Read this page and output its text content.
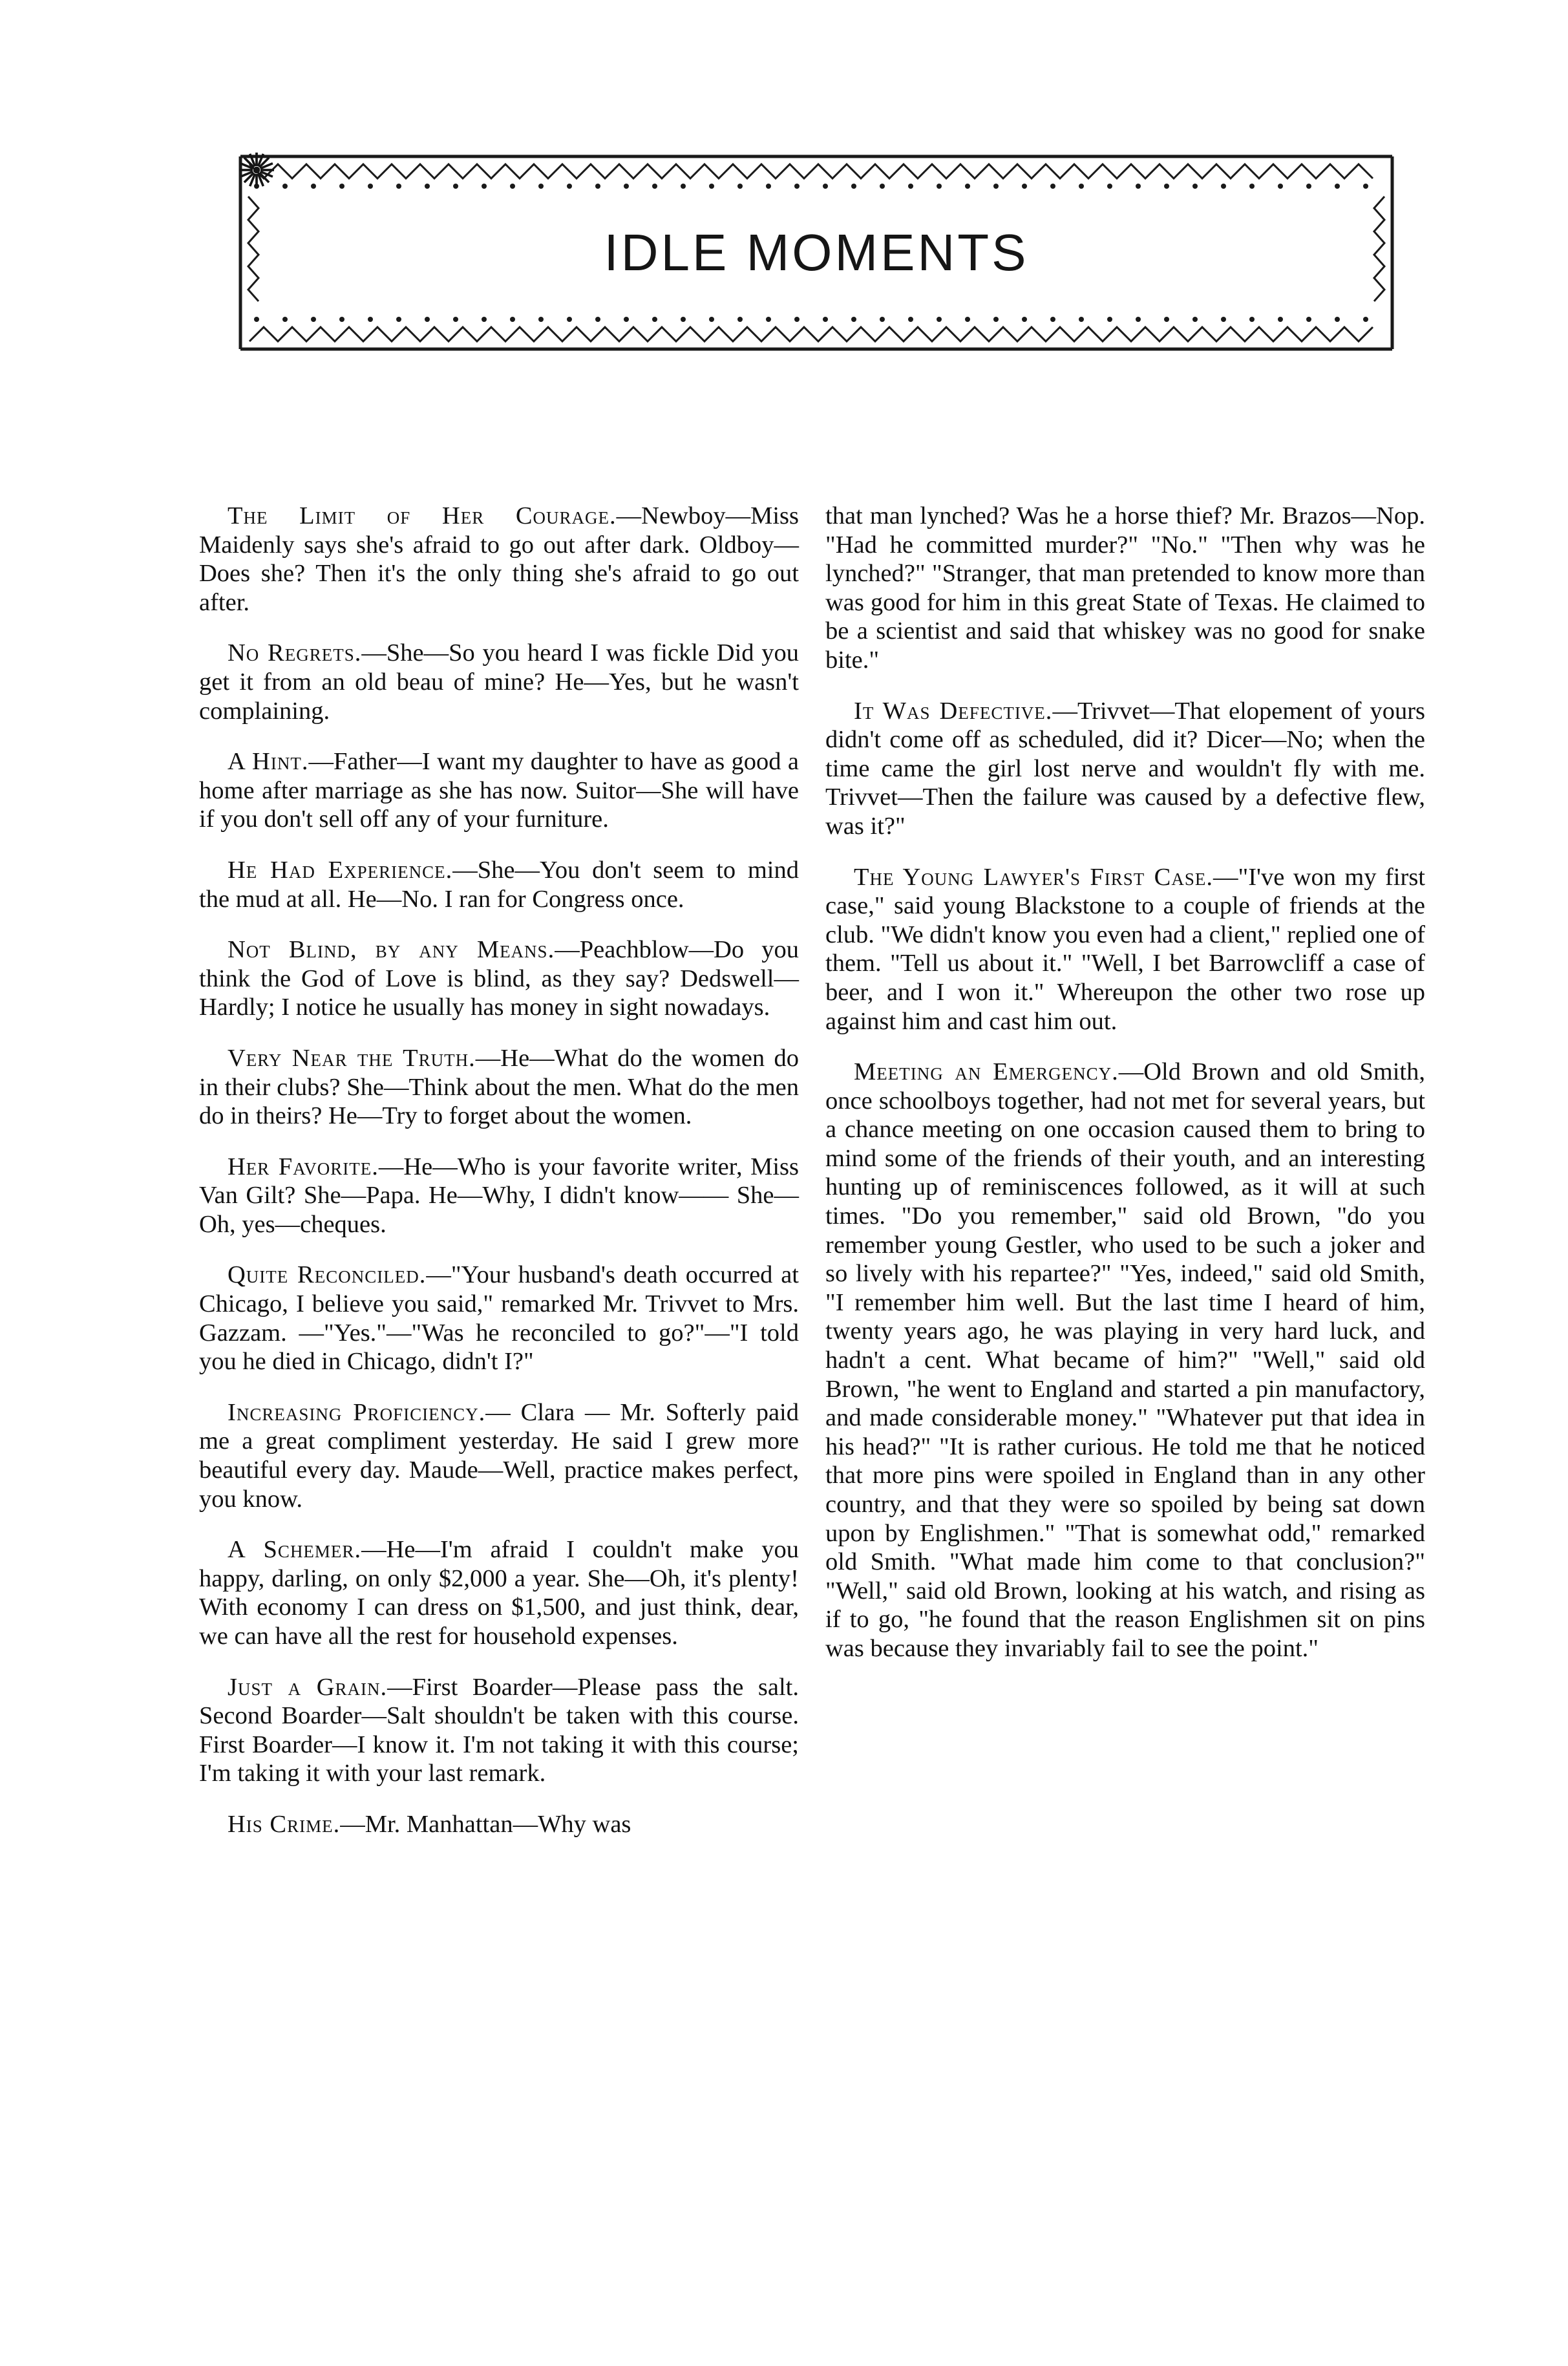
IDLE MOMENTS

The Limit of Her Courage.—Newboy—Miss Maidenly says she's afraid to go out after dark. Oldboy—Does she? Then it's the only thing she's afraid to go out after.

No Regrets.—She—So you heard I was fickle Did you get it from an old beau of mine? He—Yes, but he wasn't complaining.

A Hint.—Father—I want my daughter to have as good a home after marriage as she has now. Suitor—She will have if you don't sell off any of your furniture.

He Had Experience.—She—You don't seem to mind the mud at all. He—No. I ran for Congress once.

Not Blind, by any Means.—Peachblow—Do you think the God of Love is blind, as they say? Dedswell—Hardly; I notice he usually has money in sight nowadays.

Very Near the Truth.—He—What do the women do in their clubs? She—Think about the men. What do the men do in theirs? He—Try to forget about the women.

Her Favorite.—He—Who is your favorite writer, Miss Van Gilt? She—Papa. He—Why, I didn't know—— She—Oh, yes—cheques.

Quite Reconciled.—"Your husband's death occurred at Chicago, I believe you said," remarked Mr. Trivvet to Mrs. Gazzam. —"Yes."—"Was he reconciled to go?"—"I told you he died in Chicago, didn't I?"

Increasing Proficiency.— Clara — Mr. Softerly paid me a great compliment yesterday. He said I grew more beautiful every day. Maude—Well, practice makes perfect, you know.

A Schemer.—He—I'm afraid I couldn't make you happy, darling, on only $2,000 a year. She—Oh, it's plenty! With economy I can dress on $1,500, and just think, dear, we can have all the rest for household expenses.

Just a Grain.—First Boarder—Please pass the salt. Second Boarder—Salt shouldn't be taken with this course. First Boarder—I know it. I'm not taking it with this course; I'm taking it with your last remark.

His Crime.—Mr. Manhattan—Why was

that man lynched? Was he a horse thief? Mr. Brazos—Nop. "Had he committed murder?" "No." "Then why was he lynched?" "Stranger, that man pretended to know more than was good for him in this great State of Texas. He claimed to be a scientist and said that whiskey was no good for snake bite."

It Was Defective.—Trivvet—That elopement of yours didn't come off as scheduled, did it? Dicer—No; when the time came the girl lost nerve and wouldn't fly with me. Trivvet—Then the failure was caused by a defective flew, was it?"

The Young Lawyer's First Case.—"I've won my first case," said young Blackstone to a couple of friends at the club. "We didn't know you even had a client," replied one of them. "Tell us about it." "Well, I bet Barrowcliff a case of beer, and I won it." Whereupon the other two rose up against him and cast him out.

Meeting an Emergency.—Old Brown and old Smith, once schoolboys together, had not met for several years, but a chance meeting on one occasion caused them to bring to mind some of the friends of their youth, and an interesting hunting up of reminiscences followed, as it will at such times. "Do you remember," said old Brown, "do you remember young Gestler, who used to be such a joker and so lively with his repartee?" "Yes, indeed," said old Smith, "I remember him well. But the last time I heard of him, twenty years ago, he was playing in very hard luck, and hadn't a cent. What became of him?" "Well," said old Brown, "he went to England and started a pin manufactory, and made considerable money." "Whatever put that idea in his head?" "It is rather curious. He told me that he noticed that more pins were spoiled in England than in any other country, and that they were so spoiled by being sat down upon by Englishmen." "That is somewhat odd," remarked old Smith. "What made him come to that conclusion?" "Well," said old Brown, looking at his watch, and rising as if to go, "he found that the reason Englishmen sit on pins was because they invariably fail to see the point."
